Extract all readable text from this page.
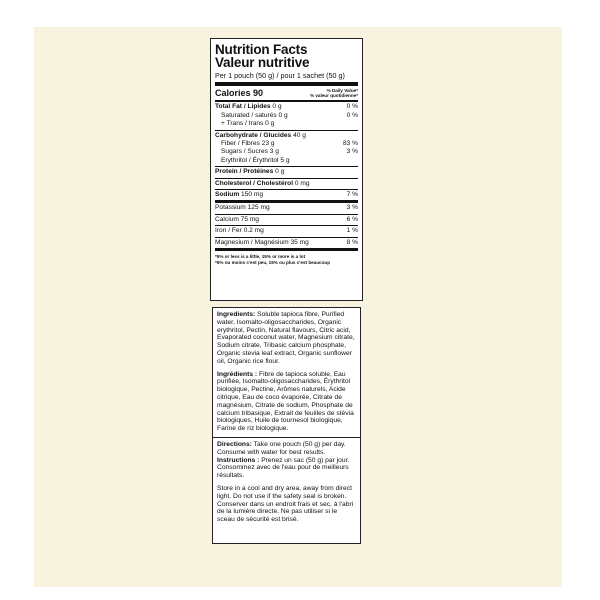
Nutrition Facts
Valeur nutritive
Per 1 pouch (50 g) / pour 1 sachet (50 g)
Calories 90	% Daily Value*
% valeur quotidienne*
Total Fat / Lipides 0 g	0 %
Saturated / saturés 0 g	0 %
+ Trans / trans 0 g
Carbohydrate / Glucides 40 g
Fiber / Fibres 23 g	83 %
Sugars / Sucres 3 g	3 %
Erythritol / Érythritol 5 g
Protein / Protéines 0 g
Cholesterol / Cholestérol 0 mg
Sodium 150 mg	7 %
Potassium 125 mg	3 %
Calcium 75 mg	6 %
Iron / Fer 0.2 mg	1 %
Magnesium / Magnésium 35 mg	8 %
*5% or less is a little, 15% or more is a lot
*5% ou moins c'est peu, 15% ou plus c'est beaucoup

Ingredients: Soluble tapioca fibre, Purified water, Isomalto-oligosaccharides, Organic erythritol, Pectin, Natural flavours, Citric acid, Evaporated coconut water, Magnesium citrate, Sodium citrate, Tribasic calcium phosphate, Organic stevia leaf extract, Organic sunflower oil, Organic rice flour.

Ingrédients : Fibre de tapioca soluble, Eau purifiée, Isomalto-oligosaccharides, Érythritol biologique, Pectine, Arômes naturels, Acide citrique, Eau de coco évaporée, Citrate de magnésium, Citrate de sodium, Phosphate de calcium tribasique, Extrait de feuilles de stévia biologiques, Huile de tournesol biologique, Farine de riz biologique.

Directions: Take one pouch (50 g) per day. Consume with water for best results.

Instructions : Prenez un sac (50 g) par jour. Consommez avec de l'eau pour de meilleurs résultats.

Store in a cool and dry area, away from direct light. Do not use if the safety seal is broken.

Conserver dans un endroit frais et sec, à l'abri de la lumière directe. Ne pas utiliser si le sceau de sécurité est brisé.
